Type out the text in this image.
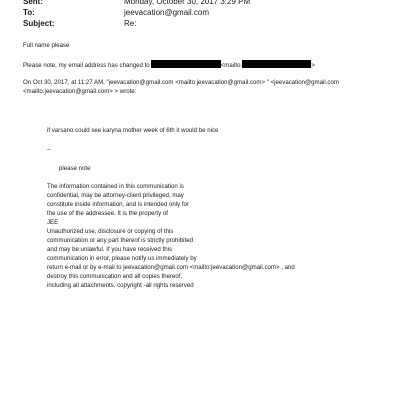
Sent:	Monday, October 30, 2017 3:29 PM
To:	jeevacation@gmail.com
Subject:	Re:
Full name please
Please note, my email address has changed to	<mailto:	>
On Oct 30, 2017, at 11:27 AM, "jeevacation@gmail.com <mailto:jeevacation@gmail.com> " <jeevacation@gmail.com
<mailto:jeevacation@gmail.com> > wrote:
if varsano could see karyna mother week of 6th it would be nice
--
please note
The information contained in this communication is
confidential, may be attorney-client privileged, may
constitute inside information, and is intended only for
the use of the addressee. It is the property of
JEE
Unauthorized use, disclosure or copying of this
communication or any part thereof is strictly prohibited
and may be unlawful. If you have received this
communication in error, please notify us immediately by
return e-mail or by e-mail to jeevacation@gmail.com <mailto:jeevacation@gmail.com> , and
destroy this communication and all copies thereof,
including all attachments. copyright -all rights reserved
